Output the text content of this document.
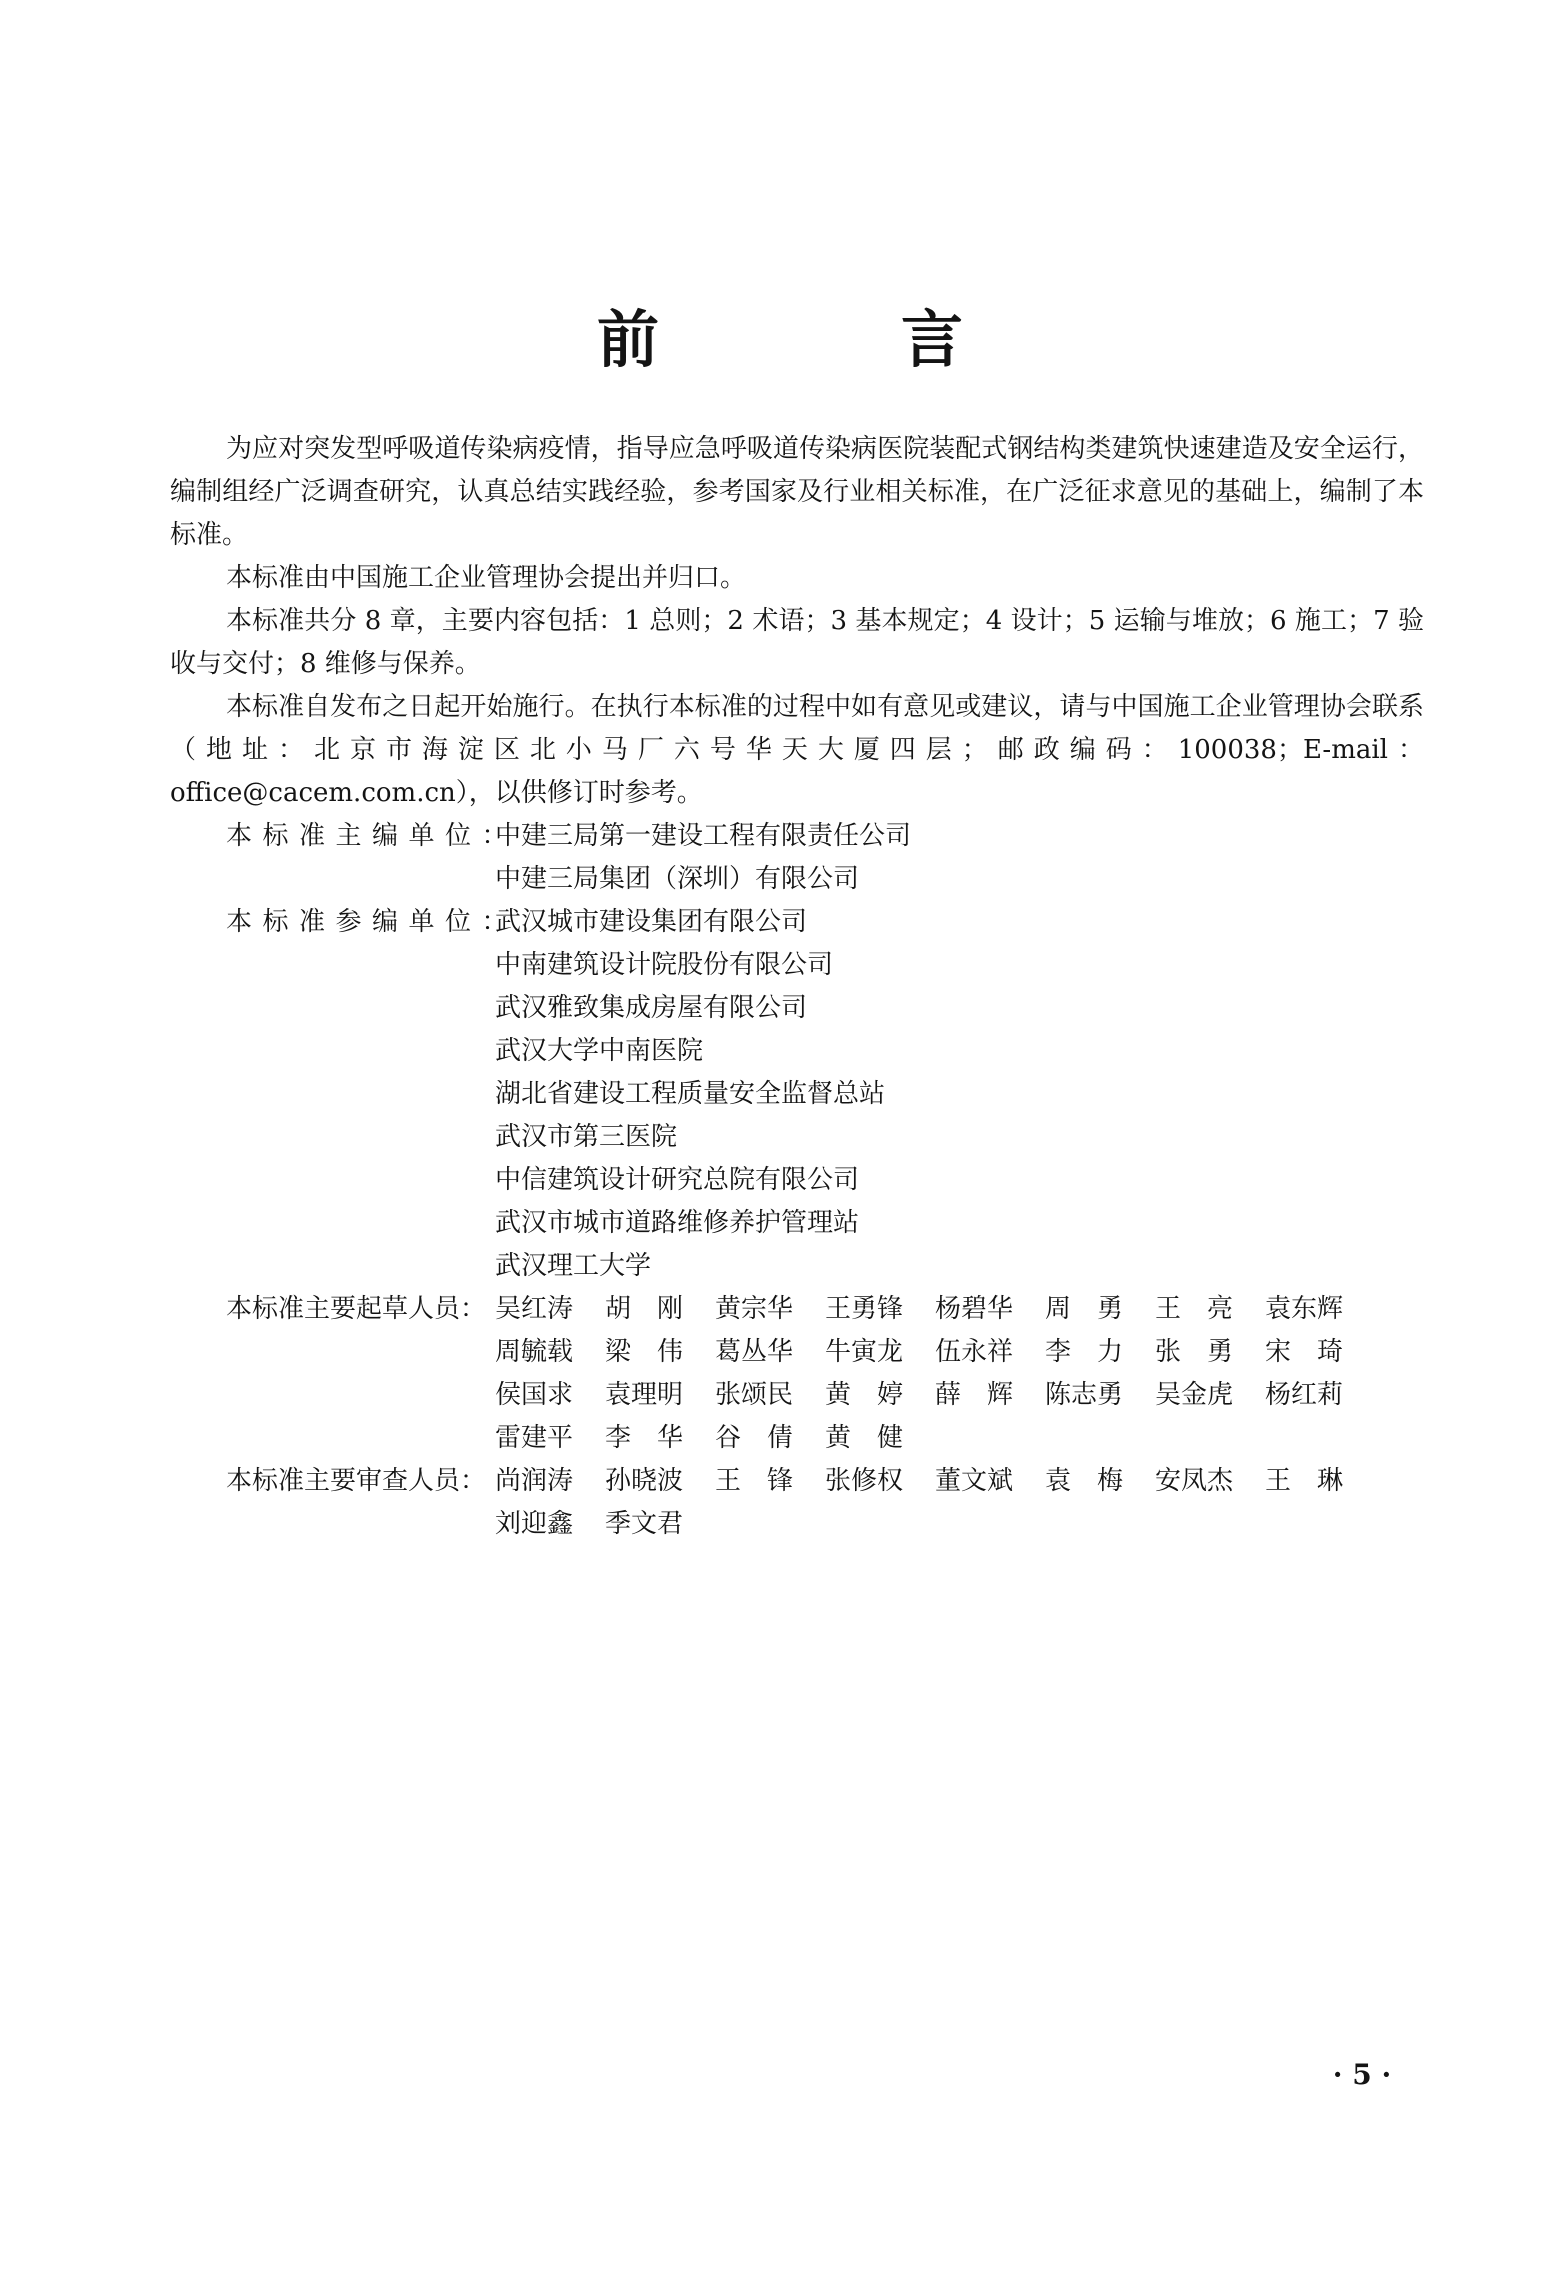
前　言

为应对突发型呼吸道传染病疫情，指导应急呼吸道传染病医院装配式钢结构类建筑快速建造及安全运行，编制组经广泛调查研究，认真总结实践经验，参考国家及行业相关标准，在广泛征求意见的基础上，编制了本标准。

本标准由中国施工企业管理协会提出并归口。

本标准共分 8 章，主要内容包括：1 总则；2 术语；3 基本规定；4 设计；5 运输与堆放；6 施工；7 验收与交付；8 维修与保养。

本标准自发布之日起开始施行。在执行本标准的过程中如有意见或建议，请与中国施工企业管理协会联系（地址：北京市海淀区北小马厂六号华天大厦四层；邮政编码：100038；E-mail：office@cacem.com.cn），以供修订时参考。

本标准主编单位：
中建三局第一建设工程有限责任公司
中建三局集团（深圳）有限公司
本标准参编单位：
武汉城市建设集团有限公司
中南建筑设计院股份有限公司
武汉雅致集成房屋有限公司
武汉大学中南医院
湖北省建设工程质量安全监督总站
武汉市第三医院
中信建筑设计研究总院有限公司
武汉市城市道路维修养护管理站
武汉理工大学
本标准主要起草人员： 吴红涛	胡　刚	黄宗华	王勇锋	杨碧华	周　勇	王　亮	袁东辉
周毓载	梁　伟	葛丛华	牛寅龙	伍永祥	李　力	张　勇	宋　琦
侯国求	袁理明	张颂民	黄　婷	薛　辉	陈志勇	吴金虎	杨红莉
雷建平	李　华	谷　倩	黄　健
本标准主要审查人员： 尚润涛	孙晓波	王　锋	张修权	董文斌	袁　梅	安凤杰	王　琳
刘迎鑫	季文君
· 5 ·
